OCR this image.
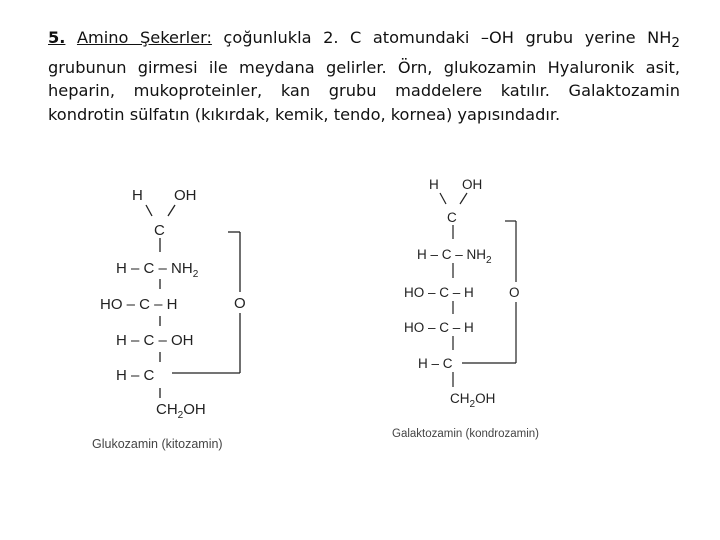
5. Amino Şekerler: çoğunlukla 2. C atomundaki –OH grubu yerine $NH_2$ grubunun girmesi ile meydana gelirler. Örn, glukozamin Hyaluronik asit, heparin, mukoproteinler, kan grubu maddelere katılır. Galaktozamin kondrotin sülfatın (kıkırdak, kemik, tendo, kornea) yapısındadır.

H OH
C
H – C – $NH_2$
HO – C – H	O
H – C – OH
H – C
$CH_2OH$
Glukozamin (kitozamin)
H OH
C
H – C – $NH_2$
HO – C – H	O
HO – C – H
H – C
$CH_2OH$
Galaktozamin (kondrozamin)
